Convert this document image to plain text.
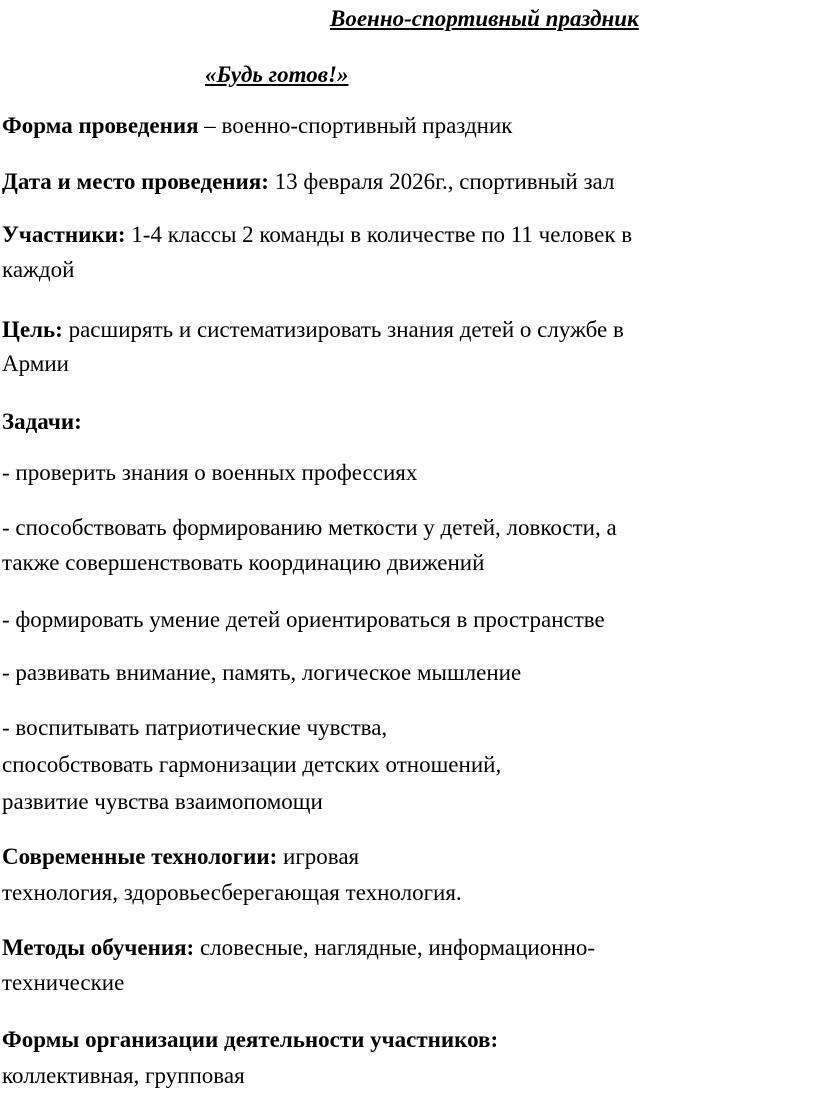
Военно-спортивный праздник
«Будь готов!»
Форма проведения – военно-спортивный праздник
Дата и место проведения: 13 февраля 2026г., спортивный зал
Участники: 1-4 классы 2 команды в количестве по 11 человек в
каждой
Цель: расширять и систематизировать знания детей о службе в
Армии
Задачи:
- проверить знания о военных профессиях
- способствовать формированию меткости у детей, ловкости, а
также совершенствовать координацию движений
- формировать умение детей ориентироваться в пространстве
- развивать внимание, память, логическое мышление
- воспитывать патриотические чувства,
способствовать гармонизации детских отношений,
развитие чувства взаимопомощи
Современные технологии: игровая
технология, здоровьесберегающая технология.
Методы обучения: словесные, наглядные, информационно-
технические
Формы организации деятельности участников:
коллективная, групповая
